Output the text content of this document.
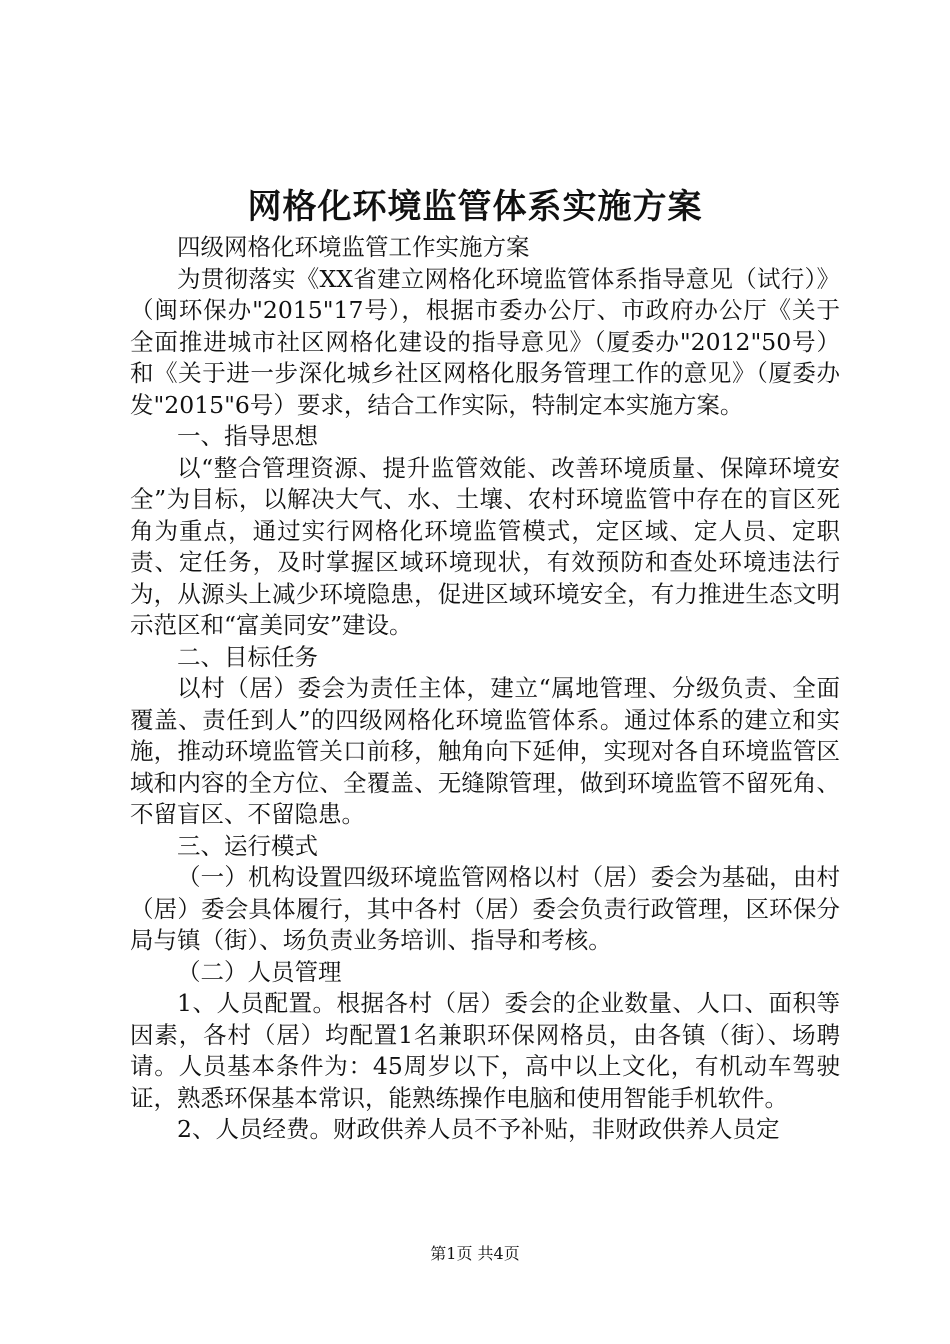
网格化环境监管体系实施方案

四级网格化环境监管工作实施方案

为贯彻落实《XX省建立网格化环境监管体系指导意见（试行）》（闽环保办"2015"17号），根据市委办公厅、市政府办公厅《关于全面推进城市社区网格化建设的指导意见》（厦委办"2012"50号）和《关于进一步深化城乡社区网格化服务管理工作的意见》（厦委办发"2015"6号）要求，结合工作实际，特制定本实施方案。

一、指导思想

以“整合管理资源、提升监管效能、改善环境质量、保障环境安全”为目标，以解决大气、水、土壤、农村环境监管中存在的盲区死角为重点，通过实行网格化环境监管模式，定区域、定人员、定职责、定任务，及时掌握区域环境现状，有效预防和查处环境违法行为，从源头上减少环境隐患，促进区域环境安全，有力推进生态文明示范区和“富美同安”建设。

二、目标任务

以村（居）委会为责任主体，建立“属地管理、分级负责、全面覆盖、责任到人”的四级网格化环境监管体系。通过体系的建立和实施，推动环境监管关口前移，触角向下延伸，实现对各自环境监管区域和内容的全方位、全覆盖、无缝隙管理，做到环境监管不留死角、不留盲区、不留隐患。

三、运行模式

（一）机构设置四级环境监管网格以村（居）委会为基础，由村（居）委会具体履行，其中各村（居）委会负责行政管理，区环保分局与镇（街）、场负责业务培训、指导和考核。

（二）人员管理

1、人员配置。根据各村（居）委会的企业数量、人口、面积等因素，各村（居）均配置1名兼职环保网格员，由各镇（街）、场聘请。人员基本条件为：45周岁以下，高中以上文化，有机动车驾驶证，熟悉环保基本常识，能熟练操作电脑和使用智能手机软件。

2、人员经费。财政供养人员不予补贴，非财政供养人员定

第1页 共4页
